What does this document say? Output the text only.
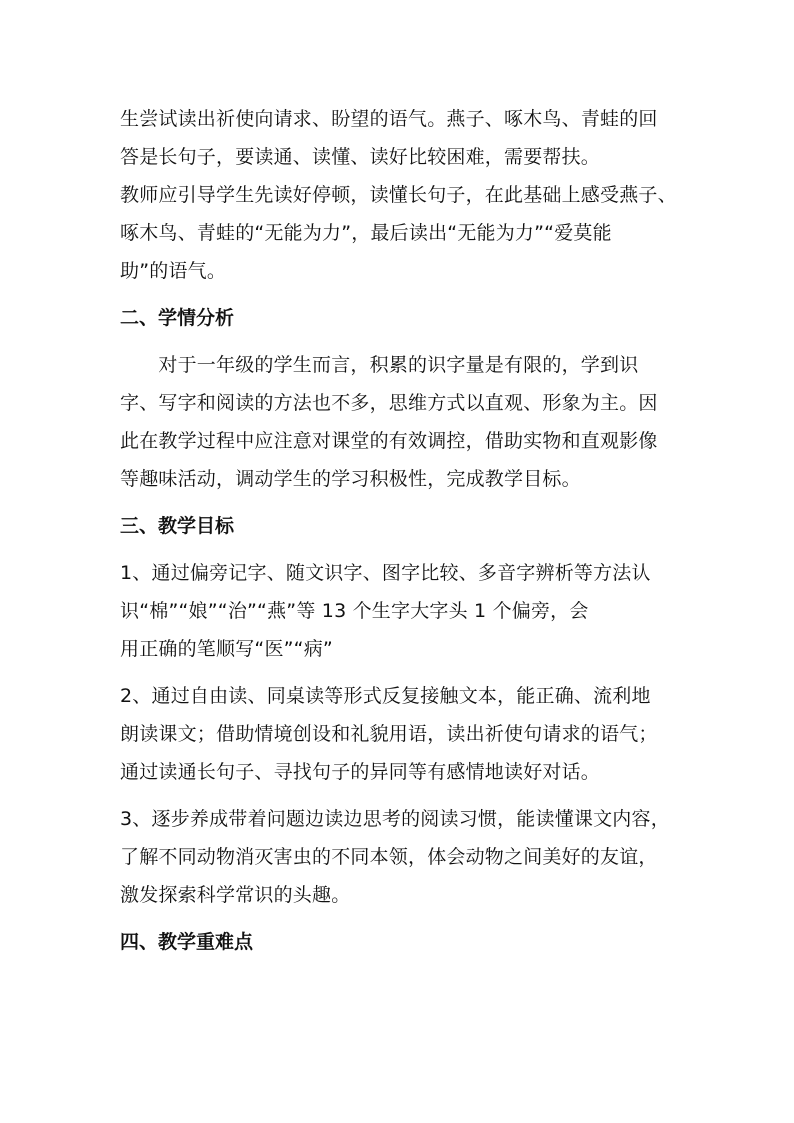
生尝试读出祈使向请求、盼望的语气。燕子、啄木鸟、青蛙的回
答是长句子，要读通、读懂、读好比较困难，需要帮扶。
教师应引导学生先读好停顿，读懂长句子，在此基础上感受燕子、
啄木鸟、青蛙的“无能为力”，最后读出“无能为力”“爱莫能
助”的语气。
二、学情分析
　　对于一年级的学生而言，积累的识字量是有限的，学到识
字、写字和阅读的方法也不多，思维方式以直观、形象为主。因
此在教学过程中应注意对课堂的有效调控，借助实物和直观影像
等趣味活动，调动学生的学习积极性，完成教学目标。
三、教学目标
1、通过偏旁记字、随文识字、图字比较、多音字辨析等方法认
识“棉”“娘”“治”“燕”等 13 个生字大字头 1 个偏旁，会
用正确的笔顺写“医”“病”
2、通过自由读、同桌读等形式反复接触文本，能正确、流利地
朗读课文；借助情境创设和礼貌用语，读出祈使句请求的语气；
通过读通长句子、寻找句子的异同等有感情地读好对话。
3、逐步养成带着问题边读边思考的阅读习惯，能读懂课文内容，
了解不同动物消灭害虫的不同本领，体会动物之间美好的友谊，
激发探索科学常识的头趣。
四、教学重难点
